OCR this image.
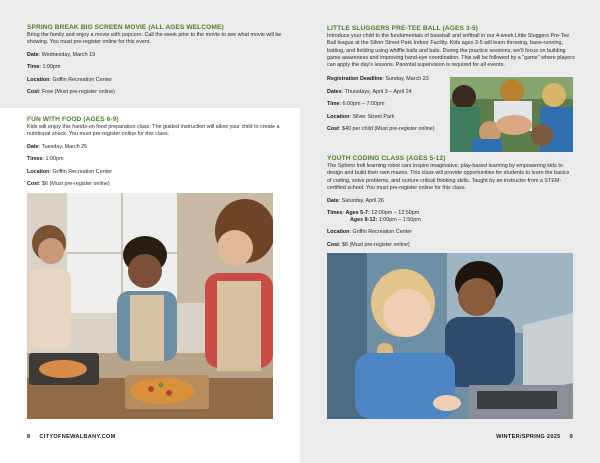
SPRING BREAK BIG SCREEN MOVIE (ALL AGES WELCOME)
Bring the family and enjoy a movie with popcorn. Call the week prior to the movie to see what movie will be showing. You must pre-register online for this event.
Date: Wednesday, March 19
Time: 1:00pm
Location: Griffin Recreation Center
Cost: Free (Must pre-register online)
FUN WITH FOOD (AGES 6-9)
Kids will enjoy this hands-on food preparation class. The guided instruction will allow your child to create a nutritional snack. You must pre-register online for this class.
Date: Tuesday, March 25
Times: 1:00pm
Location: Griffin Recreation Center
Cost: $6 (Must pre-register online)
8 CITYOFNEWALBANY.COM
LITTLE SLUGGERS PRE-TEE BALL (AGES 3-5)
Introduce your child to the fundamentals of baseball and softball in our 4-week Little Sluggers Pre-Tee Ball league at the Silver Street Park Indoor Facility. Kids ages 3-5 will learn throwing, base-running, batting, and fielding using whiffle balls and bats. During the practice sessions, we'll focus on building game awareness and improving hand-eye coordination. This will be followed by a "game" where players can apply the day's lessons. Parental supervision is required for all events.
Registration Deadline: Sunday, March 23
Dates: Thursdays, April 3 – April 24
Time: 6:00pm – 7:00pm
Location: Silver Street Park
Cost: $40 per child (Must pre-register online)
YOUTH CODING CLASS (AGES 5-12)
The Sphero Indi learning robot cars inspire imaginative, play-based learning by empowering kids to design and build their own mazes. This class will provide opportunities for students to learn the basics of coding, solve problems, and nurture critical thinking skills. Taught by an instructor from a STEM-certified school. You must pre-register online for this class.
Date: Saturday, April 26
Times: Ages 5-7: 12:00pm – 12:50pm
Ages 8-12: 1:00pm – 1:50pm
Location: Griffin Recreation Center
Cost: $6 (Must pre-register online)
WINTER/SPRING 2025 9
